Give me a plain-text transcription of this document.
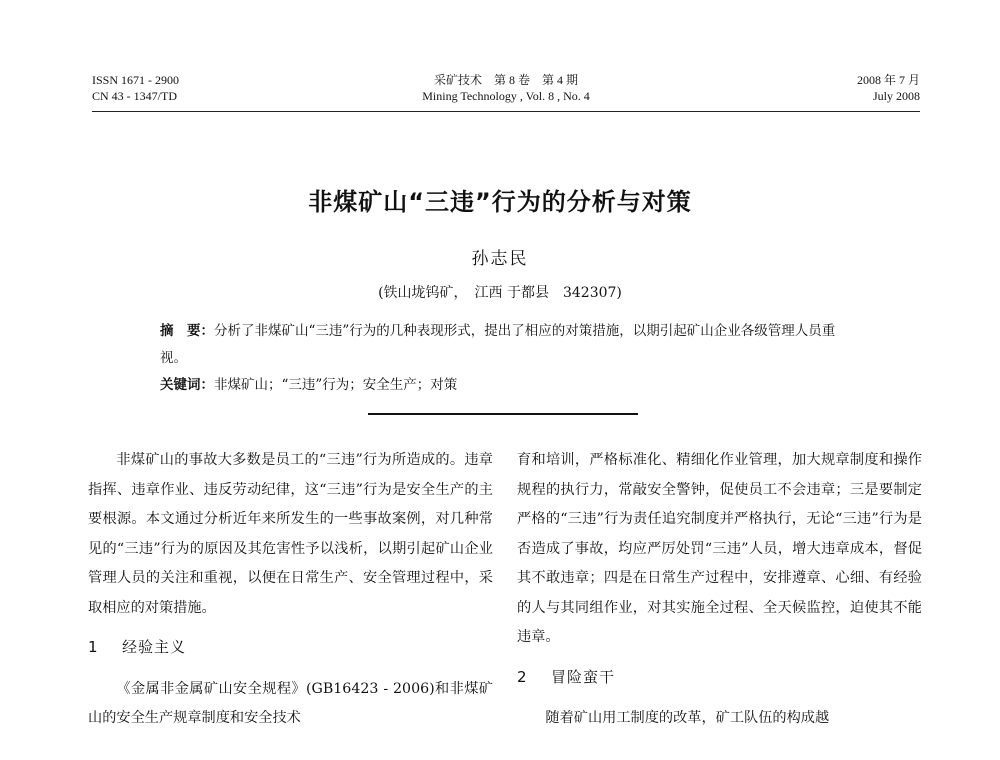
ISSN 1671 - 2900
CN 43 - 1347/TD
采矿技术　第 8 卷　第 4 期
Mining Technology , Vol. 8 , No. 4
2008 年 7 月
July 2008
非煤矿山“三违”行为的分析与对策
孙志民
(铁山垅钨矿，　江西 于都县　342307)
摘　要：分析了非煤矿山“三违”行为的几种表现形式，提出了相应的对策措施，以期引起矿山企业各级管理人员重视。
关键词：非煤矿山；“三违”行为；安全生产；对策

非煤矿山的事故大多数是员工的“三违”行为所造成的。违章指挥、违章作业、违反劳动纪律，这“三违”行为是安全生产的主要根源。本文通过分析近年来所发生的一些事故案例，对几种常见的“三违”行为的原因及其危害性予以浅析，以期引起矿山企业管理人员的关注和重视，以便在日常生产、安全管理过程中，采取相应的对策措施。

1 经验主义

《金属非金属矿山安全规程》(GB16423 - 2006)和非煤矿山的安全生产规章制度和安全技术

育和培训，严格标准化、精细化作业管理，加大规章制度和操作规程的执行力，常敲安全警钟，促使员工不会违章；三是要制定严格的“三违”行为责任追究制度并严格执行，无论“三违”行为是否造成了事故，均应严厉处罚“三违”人员，增大违章成本，督促其不敢违章；四是在日常生产过程中，安排遵章、心细、有经验的人与其同组作业，对其实施全过程、全天候监控，迫使其不能违章。

2 冒险蛮干

随着矿山用工制度的改革，矿工队伍的构成越
